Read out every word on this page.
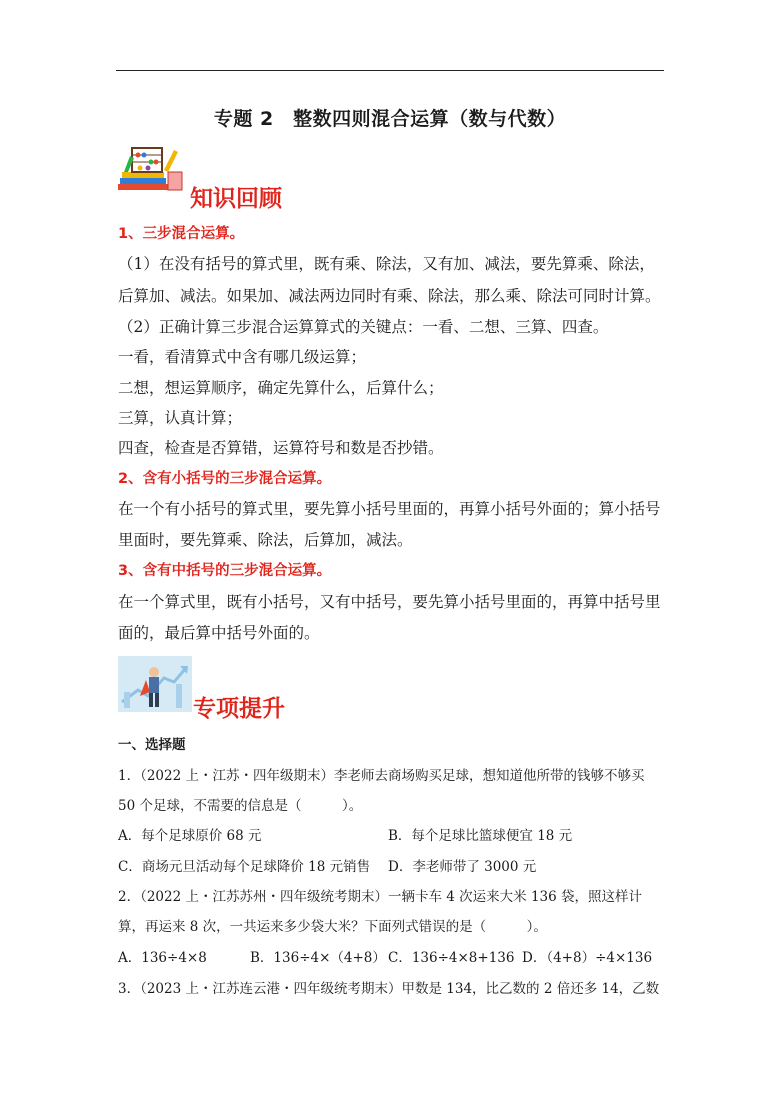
专题 2　整数四则混合运算（数与代数）
知识回顾
1、三步混合运算。
（1）在没有括号的算式里，既有乘、除法，又有加、减法，要先算乘、除法，
后算加、减法。如果加、减法两边同时有乘、除法，那么乘、除法可同时计算。
（2）正确计算三步混合运算算式的关键点：一看、二想、三算、四查。
一看，看清算式中含有哪几级运算；
二想，想运算顺序，确定先算什么，后算什么；
三算，认真计算；
四查，检查是否算错，运算符号和数是否抄错。
2、含有小括号的三步混合运算。
在一个有小括号的算式里，要先算小括号里面的，再算小括号外面的；算小括号
里面时，要先算乘、除法，后算加，减法。
3、含有中括号的三步混合运算。
在一个算式里，既有小括号，又有中括号，要先算小括号里面的，再算中括号里
面的，最后算中括号外面的。
专项提升
一、选择题
1．（2022 上・江苏・四年级期末）李老师去商场购买足球，想知道他所带的钱够不够买
50 个足球，不需要的信息是（　　　）。
A．每个足球原价 68 元	B．每个足球比篮球便宜 18 元
C．商场元旦活动每个足球降价 18 元销售 D．李老师带了 3000 元
2．（2022 上・江苏苏州・四年级统考期末）一辆卡车 4 次运来大米 136 袋，照这样计
算，再运来 8 次，一共运来多少袋大米？下面列式错误的是（　　　）。
A．136÷4×8	B．136÷4×（4+8） C．136÷4×8+136 D．（4+8）÷4×136
3．（2023 上・江苏连云港・四年级统考期末）甲数是 134，比乙数的 2 倍还多 14，乙数
